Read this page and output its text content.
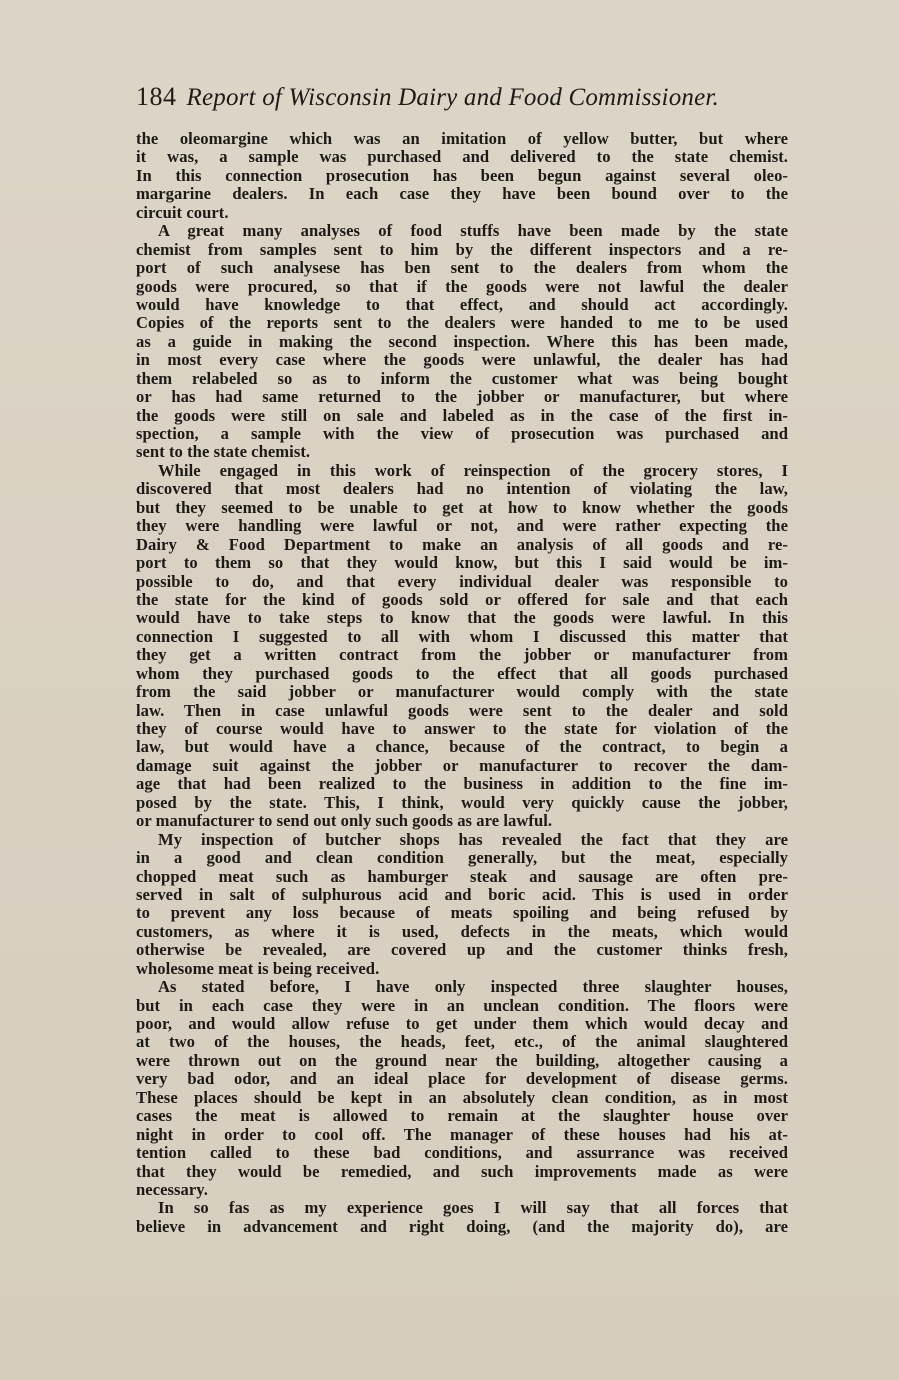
184 Report of Wisconsin Dairy and Food Commissioner.
the oleomargine which was an imitation of yellow butter, but where
it was, a sample was purchased and delivered to the state chemist.
In this connection prosecution has been begun against several oleo-
margarine dealers. In each case they have been bound over to the
circuit court.
A great many analyses of food stuffs have been made by the state
chemist from samples sent to him by the different inspectors and a re-
port of such analysese has ben sent to the dealers from whom the
goods were procured, so that if the goods were not lawful the dealer
would have knowledge to that effect, and should act accordingly.
Copies of the reports sent to the dealers were handed to me to be used
as a guide in making the second inspection. Where this has been made,
in most every case where the goods were unlawful, the dealer has had
them relabeled so as to inform the customer what was being bought
or has had same returned to the jobber or manufacturer, but where
the goods were still on sale and labeled as in the case of the first in-
spection, a sample with the view of prosecution was purchased and
sent to the state chemist.
While engaged in this work of reinspection of the grocery stores, I
discovered that most dealers had no intention of violating the law,
but they seemed to be unable to get at how to know whether the goods
they were handling were lawful or not, and were rather expecting the
Dairy & Food Department to make an analysis of all goods and re-
port to them so that they would know, but this I said would be im-
possible to do, and that every individual dealer was responsible to
the state for the kind of goods sold or offered for sale and that each
would have to take steps to know that the goods were lawful. In this
connection I suggested to all with whom I discussed this matter that
they get a written contract from the jobber or manufacturer from
whom they purchased goods to the effect that all goods purchased
from the said jobber or manufacturer would comply with the state
law. Then in case unlawful goods were sent to the dealer and sold
they of course would have to answer to the state for violation of the
law, but would have a chance, because of the contract, to begin a
damage suit against the jobber or manufacturer to recover the dam-
age that had been realized to the business in addition to the fine im-
posed by the state. This, I think, would very quickly cause the jobber,
or manufacturer to send out only such goods as are lawful.
My inspection of butcher shops has revealed the fact that they are
in a good and clean condition generally, but the meat, especially
chopped meat such as hamburger steak and sausage are often pre-
served in salt of sulphurous acid and boric acid. This is used in order
to prevent any loss because of meats spoiling and being refused by
customers, as where it is used, defects in the meats, which would
otherwise be revealed, are covered up and the customer thinks fresh,
wholesome meat is being received.
As stated before, I have only inspected three slaughter houses,
but in each case they were in an unclean condition. The floors were
poor, and would allow refuse to get under them which would decay and
at two of the houses, the heads, feet, etc., of the animal slaughtered
were thrown out on the ground near the building, altogether causing a
very bad odor, and an ideal place for development of disease germs.
These places should be kept in an absolutely clean condition, as in most
cases the meat is allowed to remain at the slaughter house over
night in order to cool off. The manager of these houses had his at-
tention called to these bad conditions, and assurrance was received
that they would be remedied, and such improvements made as were
necessary.
In so fas as my experience goes I will say that all forces that
believe in advancement and right doing, (and the majority do), are
